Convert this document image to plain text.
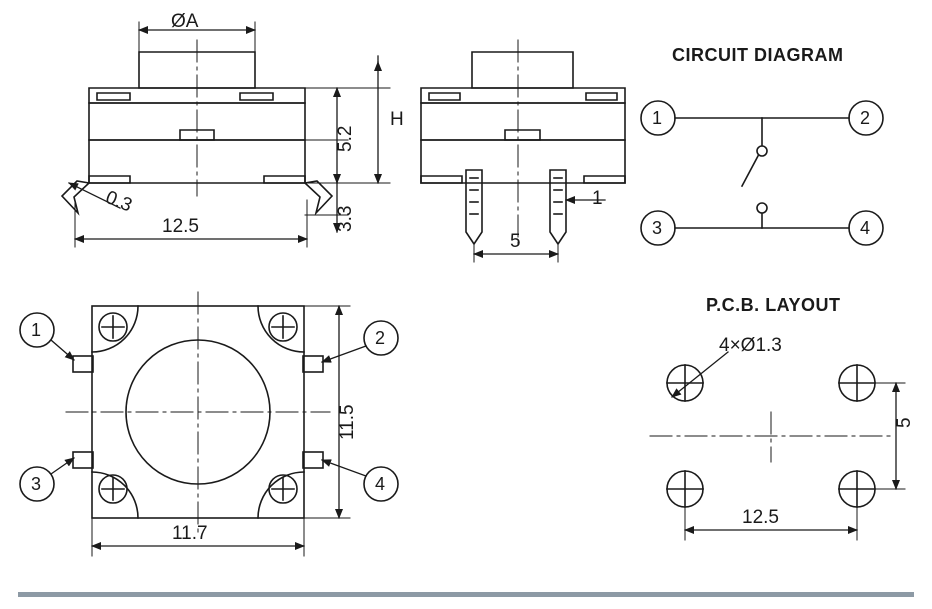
ØA
H
5.2
3.3
0.3
12.5
1
5
CIRCUIT DIAGRAM
1	2
3	4
1	2
3	4
11.5
11.7
P.C.B. LAYOUT
4×Ø1.3
5
12.5
